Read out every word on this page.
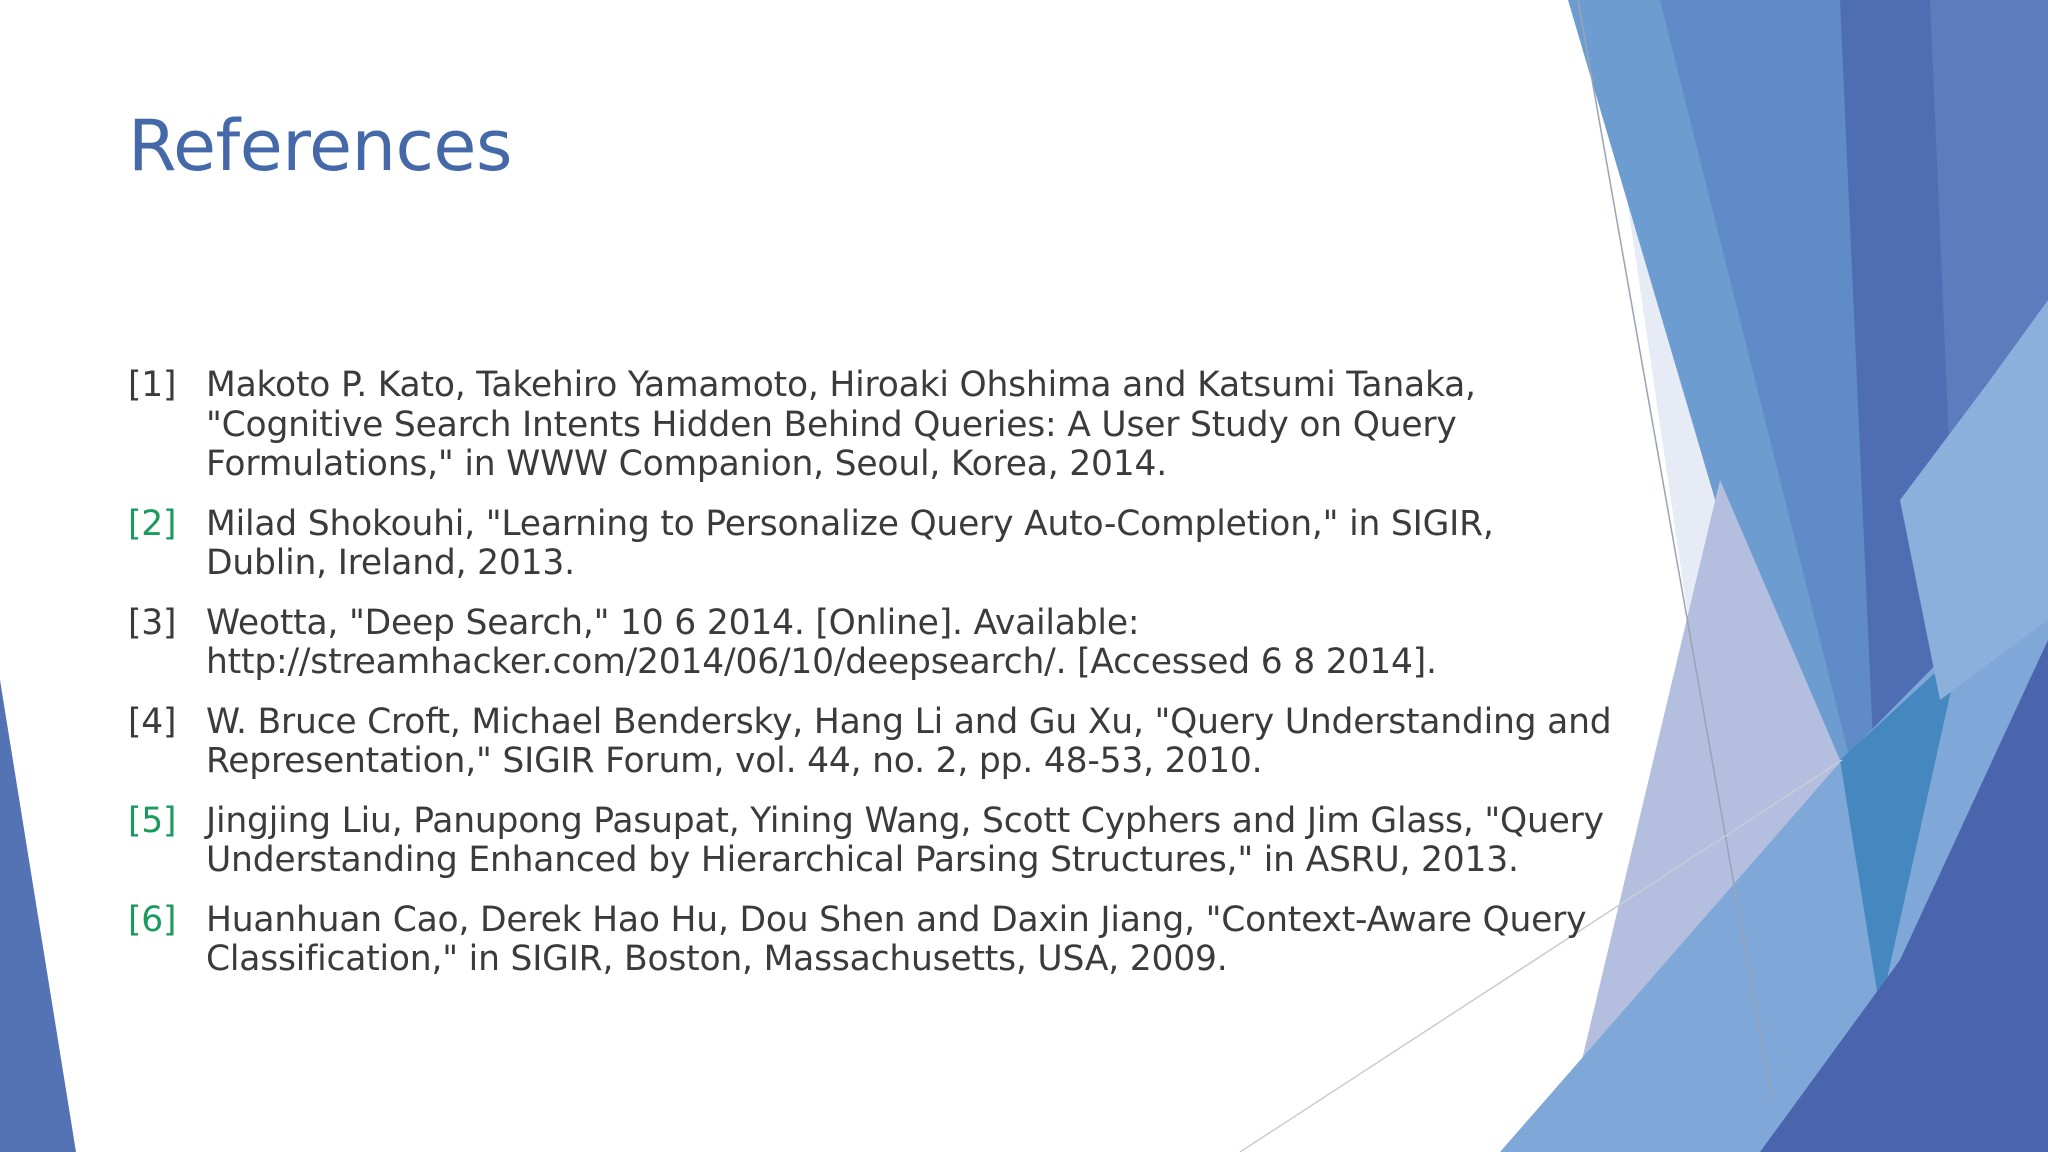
References
[1] Makoto P. Kato, Takehiro Yamamoto, Hiroaki Ohshima and Katsumi Tanaka, "Cognitive Search Intents Hidden Behind Queries: A User Study on Query Formulations," in WWW Companion, Seoul, Korea, 2014.
[2] Milad Shokouhi, "Learning to Personalize Query Auto-Completion," in SIGIR, Dublin, Ireland, 2013.
[3] Weotta, "Deep Search," 10 6 2014. [Online]. Available: http://streamhacker.com/2014/06/10/deepsearch/. [Accessed 6 8 2014].
[4] W. Bruce Croft, Michael Bendersky, Hang Li and Gu Xu, "Query Understanding and Representation," SIGIR Forum, vol. 44, no. 2, pp. 48-53, 2010.
[5] Jingjing Liu, Panupong Pasupat, Yining Wang, Scott Cyphers and Jim Glass, "Query Understanding Enhanced by Hierarchical Parsing Structures," in ASRU, 2013.
[6] Huanhuan Cao, Derek Hao Hu, Dou Shen and Daxin Jiang, "Context-Aware Query Classification," in SIGIR, Boston, Massachusetts, USA, 2009.
